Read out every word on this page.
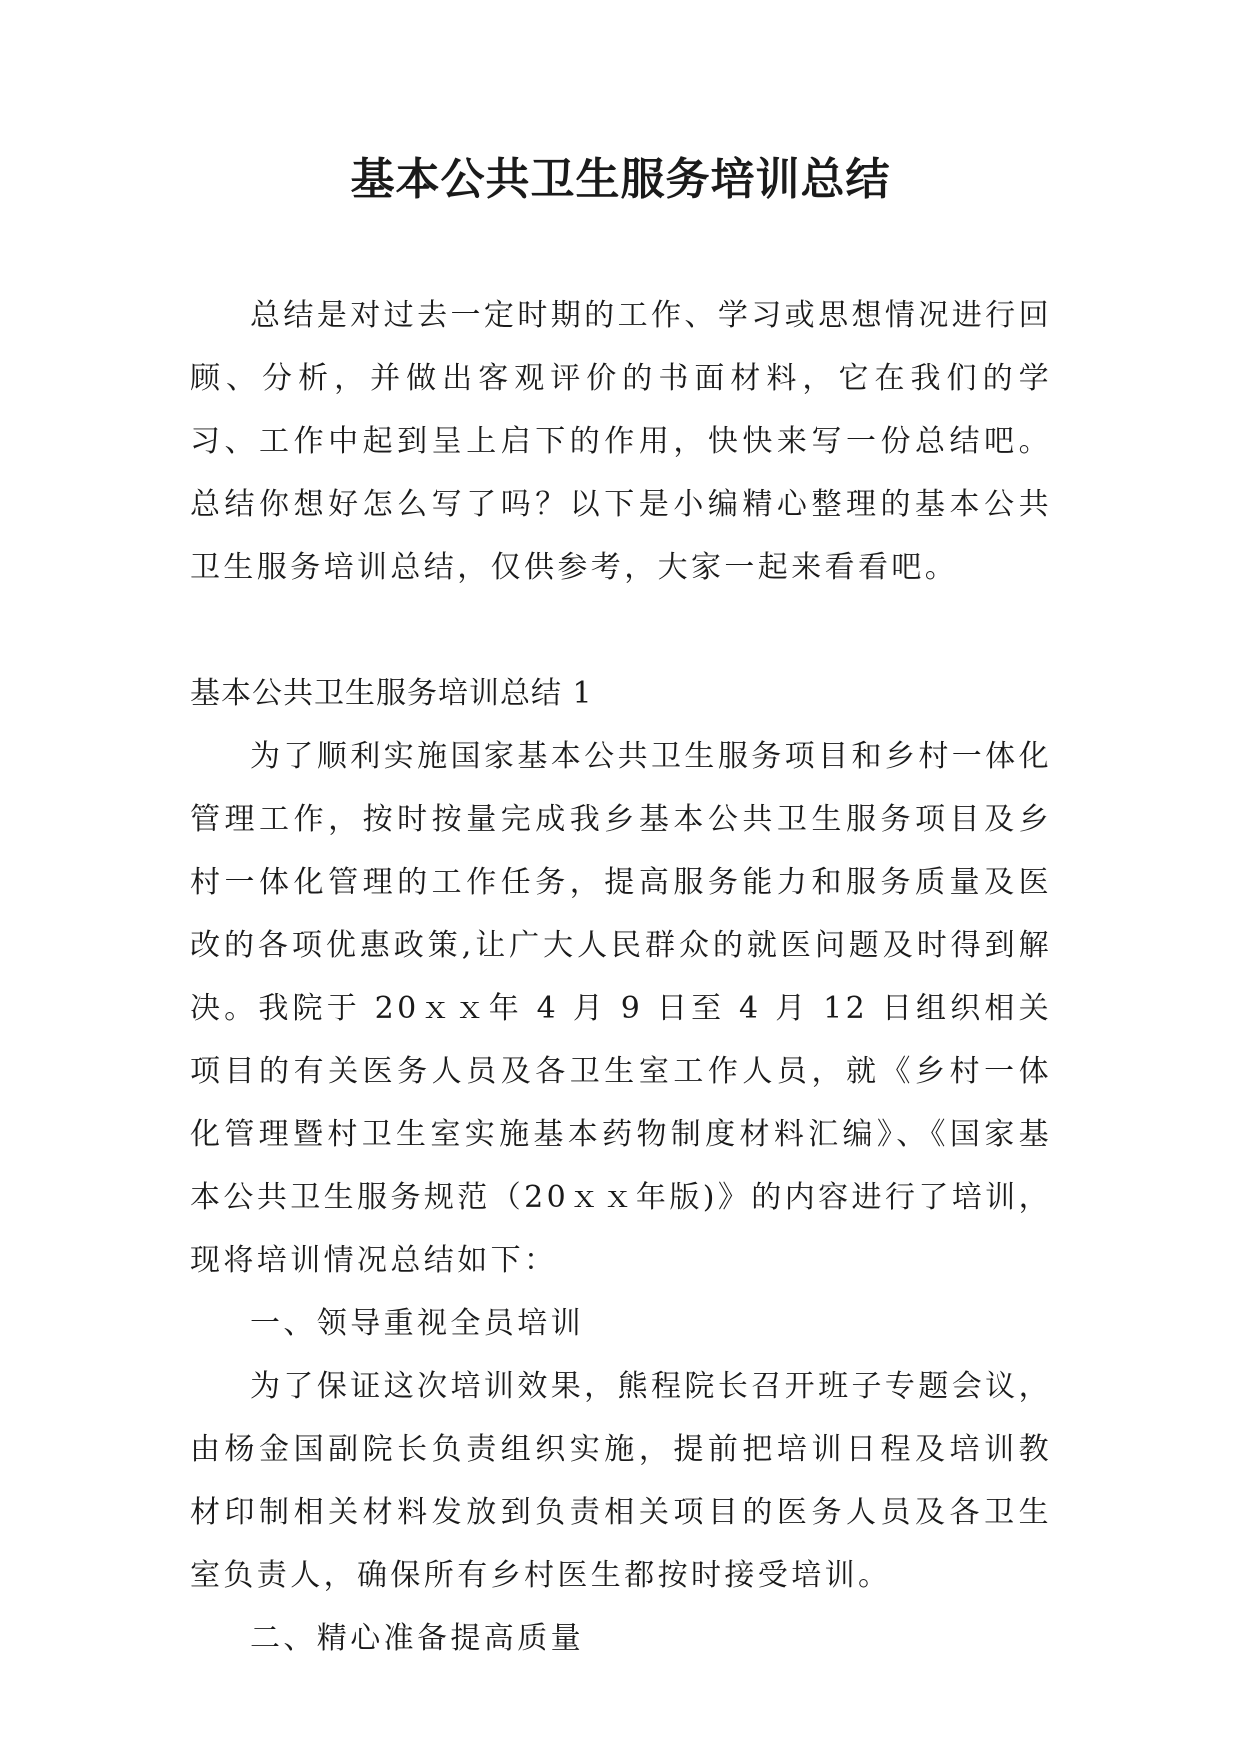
基本公共卫生服务培训总结

总结是对过去一定时期的工作、学习或思想情况进行回顾、分析，并做出客观评价的书面材料，它在我们的学习、工作中起到呈上启下的作用，快快来写一份总结吧。总结你想好怎么写了吗？以下是小编精心整理的基本公共卫生服务培训总结，仅供参考，大家一起来看看吧。

基本公共卫生服务培训总结 1

为了顺利实施国家基本公共卫生服务项目和乡村一体化管理工作，按时按量完成我乡基本公共卫生服务项目及乡村一体化管理的工作任务，提高服务能力和服务质量及医改的各项优惠政策,让广大人民群众的就医问题及时得到解决。我院于 20ｘｘ年 4 月 9 日至 4 月 12 日组织相关项目的有关医务人员及各卫生室工作人员，就《乡村一体化管理暨村卫生室实施基本药物制度材料汇编》、《国家基本公共卫生服务规范（20ｘｘ年版)》的内容进行了培训，现将培训情况总结如下：

一、领导重视全员培训

为了保证这次培训效果，熊程院长召开班子专题会议，由杨金国副院长负责组织实施，提前把培训日程及培训教材印制相关材料发放到负责相关项目的医务人员及各卫生室负责人，确保所有乡村医生都按时接受培训。

二、精心准备提高质量
